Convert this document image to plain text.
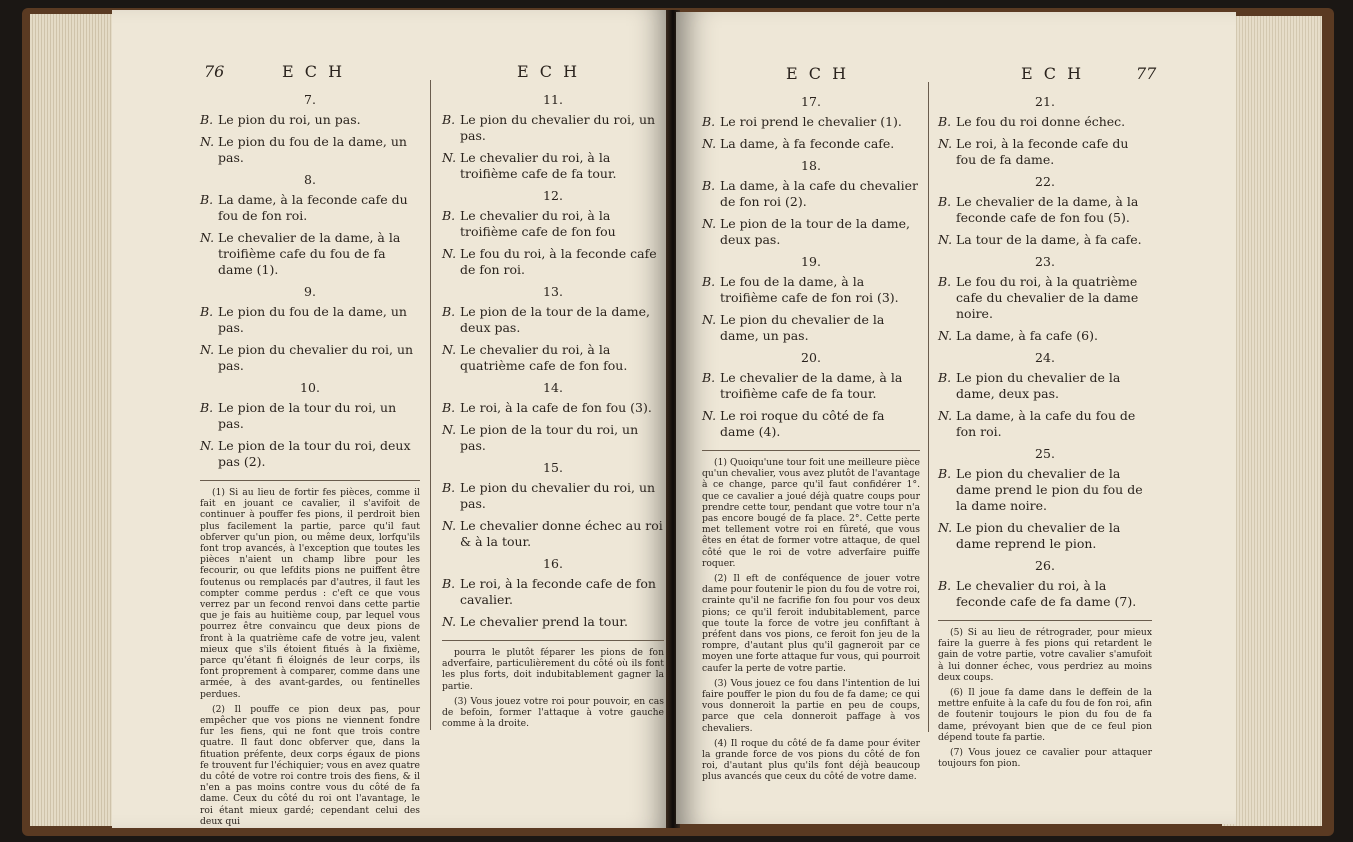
76	E C H	E C H
7.
B. Le pion du roi, un pas.
N. Le pion du fou de la dame, un pas.
8.
B. La dame, à la feconde cafe du fou de fon roi.
N. Le chevalier de la dame, à la troifième cafe du fou de fa dame (1).
9.
B. Le pion du fou de la dame, un pas.
N. Le pion du chevalier du roi, un pas.
10.
B. Le pion de la tour du roi, un pas.
N. Le pion de la tour du roi, deux pas (2).

(1) Si au lieu de fortir fes pièces, comme il fait en jouant ce cavalier, il s'avifoit de continuer à pouffer fes pions, il perdroit bien plus facilement la partie, parce qu'il faut obferver qu'un pion, ou même deux, lorfqu'ils font trop avancés, à l'exception que toutes les pièces n'aient un champ libre pour les fecourir, ou que lefdits pions ne puiffent être foutenus ou remplacés par d'autres, il faut les compter comme perdus : c'eft ce que vous verrez par un fecond renvoi dans cette partie que je fais au huitième coup, par lequel vous pourrez être convaincu que deux pions de front à la quatrième cafe de votre jeu, valent mieux que s'ils étoient fitués à la fixième, parce qu'étant fi éloignés de leur corps, ils font proprement à comparer, comme dans une armée, à des avant-gardes, ou fentinelles perdues.

(2) Il pouffe ce pion deux pas, pour empêcher que vos pions ne viennent fondre fur les fiens, qui ne font que trois contre quatre. Il faut donc obferver que, dans la fituation préfente, deux corps égaux de pions fe trouvent fur l'échiquier; vous en avez quatre du côté de votre roi contre trois des fiens, & il n'en a pas moins contre vous du côté de fa dame. Ceux du côté du roi ont l'avantage, le roi étant mieux gardé; cependant celui des deux qui

11.
B. Le pion du chevalier du roi, un pas.
N. Le chevalier du roi, à la troifième cafe de fa tour.
12.
B. Le chevalier du roi, à la troifième cafe de fon fou
N. Le fou du roi, à la feconde cafe de fon roi.
13.
B. Le pion de la tour de la dame, deux pas.
N. Le chevalier du roi, à la quatrième cafe de fon fou.
14.
B. Le roi, à la cafe de fon fou (3).
N. Le pion de la tour du roi, un pas.
15.
B. Le pion du chevalier du roi, un pas.
N. Le chevalier donne échec au roi & à la tour.
16.
B. Le roi, à la feconde cafe de fon cavalier.
N. Le chevalier prend la tour.

pourra le plutôt féparer les pions de fon adverfaire, particulièrement du côté où ils font les plus forts, doit indubitablement gagner la partie.

(3) Vous jouez votre roi pour pouvoir, en cas de befoin, former l'attaque à votre gauche comme à la droite.

E C H	E C H	77
17.
B. Le roi prend le chevalier (1).
N. La dame, à fa feconde cafe.
18.
B. La dame, à la cafe du chevalier de fon roi (2).
N. Le pion de la tour de la dame, deux pas.
19.
B. Le fou de la dame, à la troifième cafe de fon roi (3).
N. Le pion du chevalier de la dame, un pas.
20.
B. Le chevalier de la dame, à la troifième cafe de fa tour.
N. Le roi roque du côté de fa dame (4).

(1) Quoiqu'une tour foit une meilleure pièce qu'un chevalier, vous avez plutôt de l'avantage à ce change, parce qu'il faut confidérer 1°. que ce cavalier a joué déjà quatre coups pour prendre cette tour, pendant que votre tour n'a pas encore bougé de fa place. 2°. Cette perte met tellement votre roi en fûreté, que vous êtes en état de former votre attaque, de quel côté que le roi de votre adverfaire puiffe roquer.

(2) Il eft de conféquence de jouer votre dame pour foutenir le pion du fou de votre roi, crainte qu'il ne facrifie fon fou pour vos deux pions; ce qu'il feroit indubitablement, parce que toute la force de votre jeu confiftant à préfent dans vos pions, ce feroit fon jeu de la rompre, d'autant plus qu'il gagneroit par ce moyen une forte attaque fur vous, qui pourroit caufer la perte de votre partie.

(3) Vous jouez ce fou dans l'intention de lui faire pouffer le pion du fou de fa dame; ce qui vous donneroit la partie en peu de coups, parce que cela donneroit paffage à vos chevaliers.

(4) Il roque du côté de fa dame pour éviter la grande force de vos pions du côté de fon roi, d'autant plus qu'ils font déjà beaucoup plus avancés que ceux du côté de votre dame.

21.
B. Le fou du roi donne échec.
N. Le roi, à la feconde cafe du fou de fa dame.
22.
B. Le chevalier de la dame, à la feconde cafe de fon fou (5).
N. La tour de la dame, à fa cafe.
23.
B. Le fou du roi, à la quatrième cafe du chevalier de la dame noire.
N. La dame, à fa cafe (6).
24.
B. Le pion du chevalier de la dame, deux pas.
N. La dame, à la cafe du fou de fon roi.
25.
B. Le pion du chevalier de la dame prend le pion du fou de la dame noire.
N. Le pion du chevalier de la dame reprend le pion.
26.
B. Le chevalier du roi, à la feconde cafe de fa dame (7).

(5) Si au lieu de rétrograder, pour mieux faire la guerre à fes pions qui retardent le gain de votre partie, votre cavalier s'amufoit à lui donner échec, vous perdriez au moins deux coups.

(6) Il joue fa dame dans le deffein de la mettre enfuite à la cafe du fou de fon roi, afin de foutenir toujours le pion du fou de fa dame, prévoyant bien que de ce feul pion dépend toute fa partie.

(7) Vous jouez ce cavalier pour attaquer toujours fon pion.
